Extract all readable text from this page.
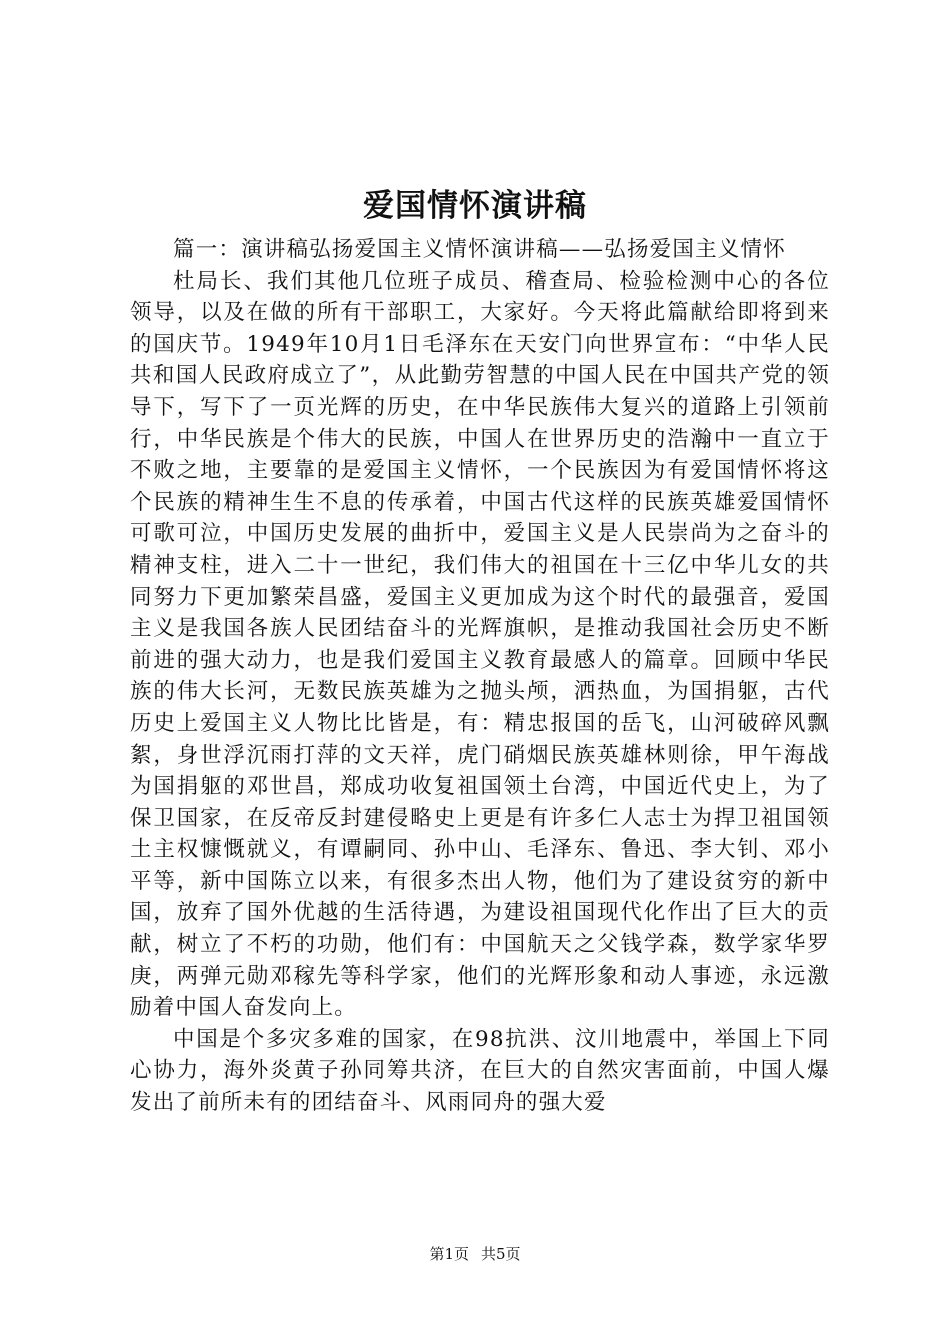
爱国情怀演讲稿

篇一：演讲稿弘扬爱国主义情怀演讲稿——弘扬爱国主义情怀

杜局长、我们其他几位班子成员、稽查局、检验检测中心的各位领导，以及在做的所有干部职工，大家好。今天将此篇献给即将到来的国庆节。1949年10月1日毛泽东在天安门向世界宣布：“中华人民共和国人民政府成立了”，从此勤劳智慧的中国人民在中国共产党的领导下，写下了一页光辉的历史，在中华民族伟大复兴的道路上引领前行，中华民族是个伟大的民族，中国人在世界历史的浩瀚中一直立于不败之地，主要靠的是爱国主义情怀，一个民族因为有爱国情怀将这个民族的精神生生不息的传承着，中国古代这样的民族英雄爱国情怀可歌可泣，中国历史发展的曲折中，爱国主义是人民崇尚为之奋斗的精神支柱，进入二十一世纪，我们伟大的祖国在十三亿中华儿女的共同努力下更加繁荣昌盛，爱国主义更加成为这个时代的最强音，爱国主义是我国各族人民团结奋斗的光辉旗帜，是推动我国社会历史不断前进的强大动力，也是我们爱国主义教育最感人的篇章。回顾中华民族的伟大长河，无数民族英雄为之抛头颅，洒热血，为国捐躯，古代历史上爱国主义人物比比皆是，有：精忠报国的岳飞，山河破碎风飘絮，身世浮沉雨打萍的文天祥，虎门硝烟民族英雄林则徐，甲午海战为国捐躯的邓世昌，郑成功收复祖国领土台湾，中国近代史上，为了保卫国家，在反帝反封建侵略史上更是有许多仁人志士为捍卫祖国领土主权慷慨就义，有谭嗣同、孙中山、毛泽东、鲁迅、李大钊、邓小平等，新中国陈立以来，有很多杰出人物，他们为了建设贫穷的新中国，放弃了国外优越的生活待遇，为建设祖国现代化作出了巨大的贡献，树立了不朽的功勋，他们有：中国航天之父钱学森，数学家华罗庚，两弹元勋邓稼先等科学家，他们的光辉形象和动人事迹，永远激励着中国人奋发向上。

中国是个多灾多难的国家，在98抗洪、汶川地震中，举国上下同心协力，海外炎黄子孙同筹共济，在巨大的自然灾害面前，中国人爆发出了前所未有的团结奋斗、风雨同舟的强大爱

第1页 共5页
